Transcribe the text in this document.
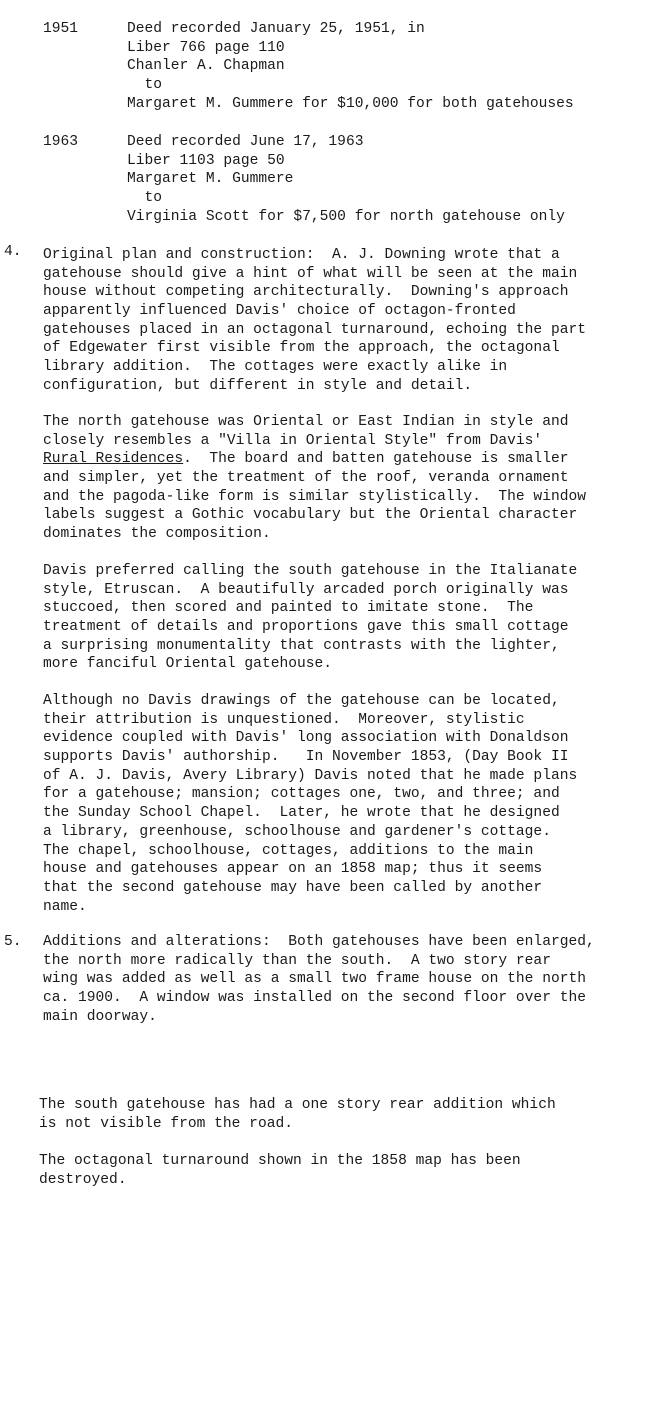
1951	Deed recorded January 25, 1951, in
Liber 766 page 110
Chanler A. Chapman
to
Margaret M. Gummere for $10,000 for both gatehouses
1963	Deed recorded June 17, 1963
Liber 1103 page 50
Margaret M. Gummere
to
Virginia Scott for $7,500 for north gatehouse only
4. Original plan and construction:  A. J. Downing wrote that a
gatehouse should give a hint of what will be seen at the main
house without competing architecturally.  Downing's approach
apparently influenced Davis' choice of octagon-fronted
gatehouses placed in an octagonal turnaround, echoing the part
of Edgewater first visible from the approach, the octagonal
library addition.  The cottages were exactly alike in
configuration, but different in style and detail.
The north gatehouse was Oriental or East Indian in style and
closely resembles a "Villa in Oriental Style" from Davis'
Rural Residences.  The board and batten gatehouse is smaller
and simpler, yet the treatment of the roof, veranda ornament
and the pagoda-like form is similar stylistically.  The window
labels suggest a Gothic vocabulary but the Oriental character
dominates the composition.
Davis preferred calling the south gatehouse in the Italianate
style, Etruscan.  A beautifully arcaded porch originally was
stuccoed, then scored and painted to imitate stone.  The
treatment of details and proportions gave this small cottage
a surprising monumentality that contrasts with the lighter,
more fanciful Oriental gatehouse.
Although no Davis drawings of the gatehouse can be located,
their attribution is unquestioned.  Moreover, stylistic
evidence coupled with Davis' long association with Donaldson
supports Davis' authorship.   In November 1853, (Day Book II
of A. J. Davis, Avery Library) Davis noted that he made plans
for a gatehouse; mansion; cottages one, two, and three; and
the Sunday School Chapel.  Later, he wrote that he designed
a library, greenhouse, schoolhouse and gardener's cottage.
The chapel, schoolhouse, cottages, additions to the main
house and gatehouses appear on an 1858 map; thus it seems
that the second gatehouse may have been called by another
name.
5. Additions and alterations:  Both gatehouses have been enlarged,
the north more radically than the south.  A two story rear
wing was added as well as a small two frame house on the north
ca. 1900.  A window was installed on the second floor over the
main doorway.
The south gatehouse has had a one story rear addition which
is not visible from the road.
The octagonal turnaround shown in the 1858 map has been
destroyed.
